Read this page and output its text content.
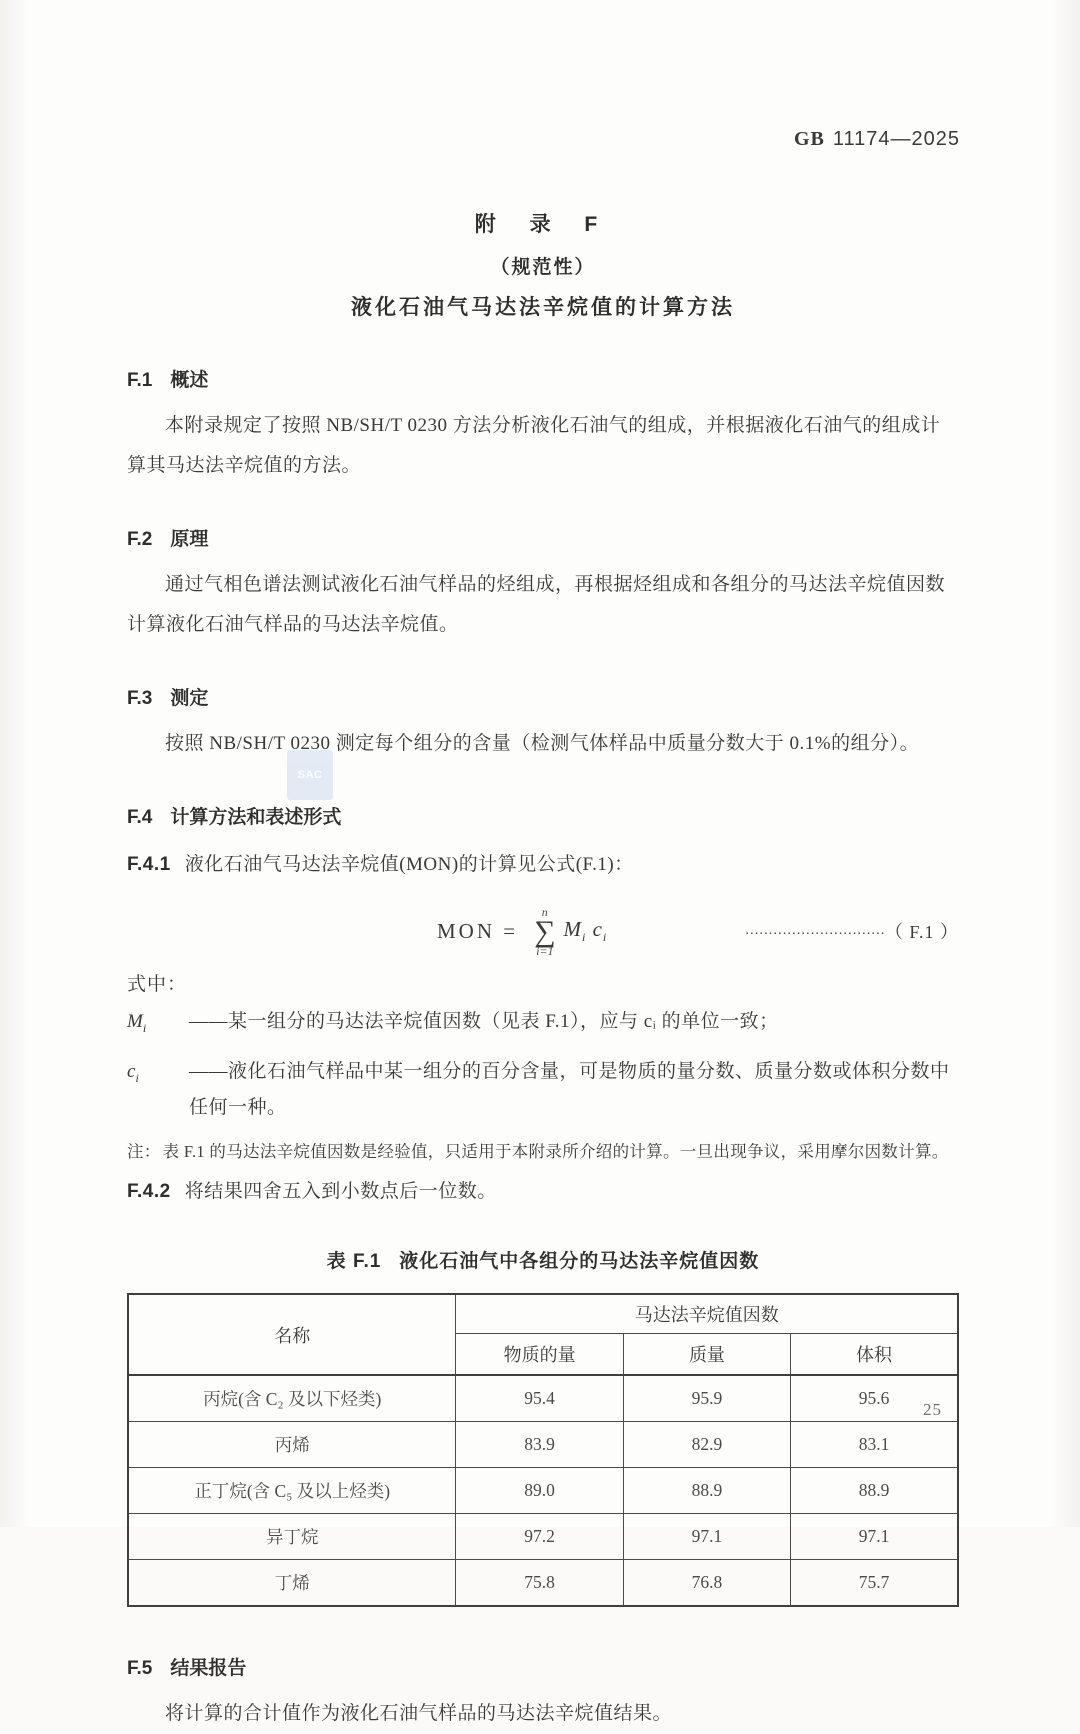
GB 11174—2025
SAC
附 录 F
（规范性）
液化石油气马达法辛烷值的计算方法
F.1 概述
本附录规定了按照 NB/SH/T 0230 方法分析液化石油气的组成，并根据液化石油气的组成计算其马达法辛烷值的方法。
F.2 原理
通过气相色谱法测试液化石油气样品的烃组成，再根据烃组成和各组分的马达法辛烷值因数计算液化石油气样品的马达法辛烷值。
F.3 测定
按照 NB/SH/T 0230 测定每个组分的含量（检测气体样品中质量分数大于 0.1%的组分）。
F.4 计算方法和表述形式
F.4.1 液化石油气马达法辛烷值(MON)的计算见公式(F.1)：
MON =
n
∑
i=1
$M_i$ $c_i$	………………………… （ F.1 ）
式中：
$M_i$	——某一组分的马达法辛烷值因数（见表 F.1），应与 cᵢ 的单位一致；
$c_i$	——液化石油气样品中某一组分的百分含量，可是物质的量分数、质量分数或体积分数中任何一种。
注： 表 F.1 的马达法辛烷值因数是经验值，只适用于本附录所介绍的计算。一旦出现争议，采用摩尔因数计算。
F.4.2 将结果四舍五入到小数点后一位数。
表 F.1 液化石油气中各组分的马达法辛烷值因数
名称	马达法辛烷值因数		
	物质的量	质量	体积
丙烷(含 C₂ 及以下烃类)	95.4	95.9	95.6
丙烯	83.9	82.9	83.1
正丁烷(含 C₅ 及以上烃类)	89.0	88.9	88.9
异丁烷	97.2	97.1	97.1
丁烯	75.8	76.8	75.7
F.5 结果报告
将计算的合计值作为液化石油气样品的马达法辛烷值结果。
25
